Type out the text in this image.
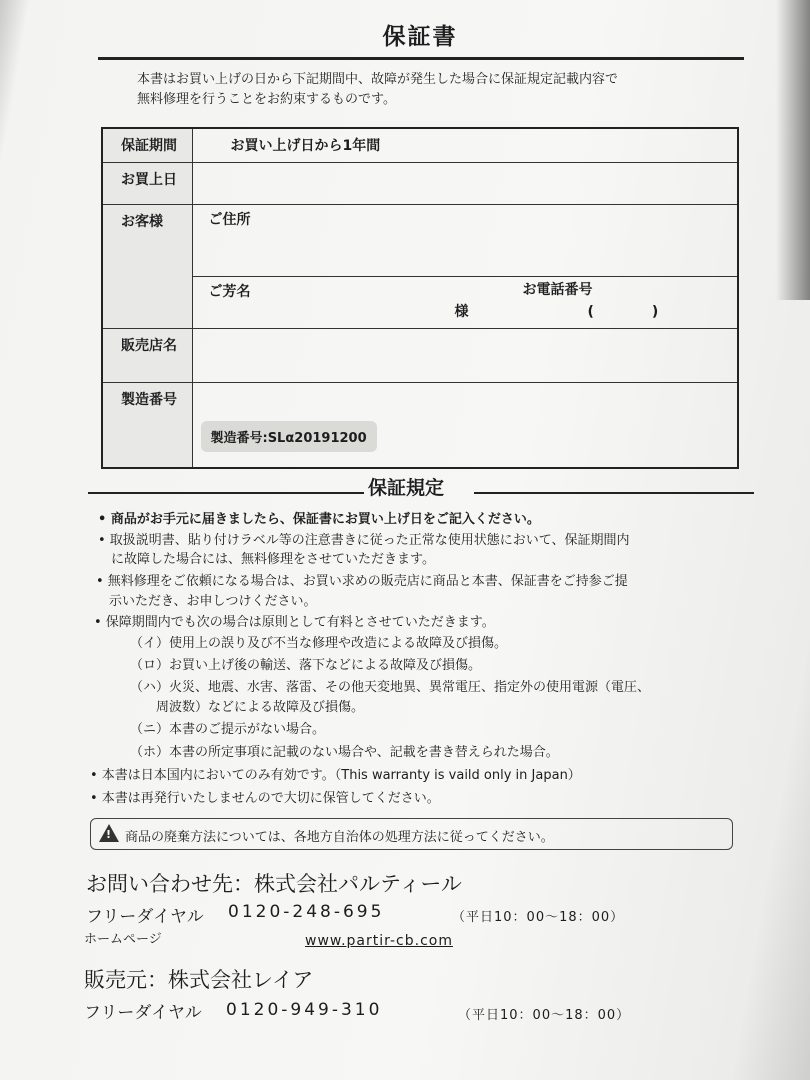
保証書
本書はお買い上げの日から下記期間中、故障が発生した場合に保証規定記載内容で
無料修理を行うことをお約束するものです。
保証期間	お買い上げ日から1年間
お買上日	
お客様	ご住所
	ご芳名 お電話番号
様 (　　　)

販売店名	
製造番号	製造番号:SLα20191200
保証規定
• 商品がお手元に届きましたら、保証書にお買い上げ日をご記入ください。
• 取扱説明書、貼り付けラベル等の注意書きに従った正常な使用状態において、保証期間内
　に故障した場合には、無料修理をさせていただきます。
• 無料修理をご依頼になる場合は、お買い求めの販売店に商品と本書、保証書をご持参ご提
　示いただき、お申しつけください。
• 保障期間内でも次の場合は原則として有料とさせていただきます。
（イ）使用上の誤り及び不当な修理や改造による故障及び損傷。
（ロ）お買い上げ後の輸送、落下などによる故障及び損傷。
（ハ）火災、地震、水害、落雷、その他天変地異、異常電圧、指定外の使用電源（電圧、
　　周波数）などによる故障及び損傷。
（ニ）本書のご提示がない場合。
（ホ）本書の所定事項に記載のない場合や、記載を書き替えられた場合。
• 本書は日本国内においてのみ有効です。（This warranty is vaild only in Japan）
• 本書は再発行いたしませんので大切に保管してください。
!
商品の廃棄方法については、各地方自治体の処理方法に従ってください。
お問い合わせ先：株式会社パルティール
フリーダイヤル 0120-248-695	（平日10：00〜18：00）
ホームページ	www.partir-cb.com
販売元：株式会社レイア
フリーダイヤル 0120-949-310	（平日10：00〜18：00）
